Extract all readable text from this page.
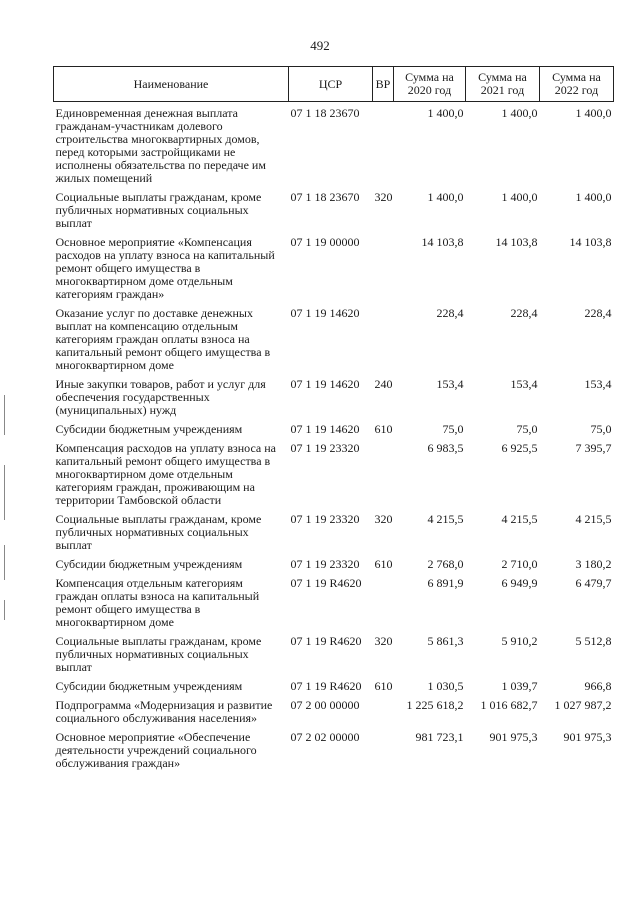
492
Наименование	ЦСР	ВР	Сумма на 2020 год	Сумма на 2021 год	Сумма на 2022 год
Единовременная денежная выплата гражданам-участникам долевого строительства многоквартирных домов, перед которыми застройщиками не исполнены обязательства по передаче им жилых помещений	07 1 18 23670		1 400,0	1 400,0	1 400,0
Социальные выплаты гражданам, кроме публичных нормативных социальных выплат	07 1 18 23670	320	1 400,0	1 400,0	1 400,0
Основное мероприятие «Компенсация расходов на уплату взноса на капитальный ремонт общего имущества в многоквартирном доме отдельным категориям граждан»	07 1 19 00000		14 103,8	14 103,8	14 103,8
Оказание услуг по доставке денежных выплат на компенсацию отдельным категориям граждан оплаты взноса на капитальный ремонт общего имущества в многоквартирном доме	07 1 19 14620		228,4	228,4	228,4
Иные закупки товаров, работ и услуг для обеспечения государственных (муниципальных) нужд	07 1 19 14620	240	153,4	153,4	153,4
Субсидии бюджетным учреждениям	07 1 19 14620	610	75,0	75,0	75,0
Компенсация расходов на уплату взноса на капитальный ремонт общего имущества в многоквартирном доме отдельным категориям граждан, проживающим на территории Тамбовской области	07 1 19 23320		6 983,5	6 925,5	7 395,7
Социальные выплаты гражданам, кроме публичных нормативных социальных выплат	07 1 19 23320	320	4 215,5	4 215,5	4 215,5
Субсидии бюджетным учреждениям	07 1 19 23320	610	2 768,0	2 710,0	3 180,2
Компенсация отдельным категориям граждан оплаты взноса на капитальный ремонт общего имущества в многоквартирном доме	07 1 19 R4620		6 891,9	6 949,9	6 479,7
Социальные выплаты гражданам, кроме публичных нормативных социальных выплат	07 1 19 R4620	320	5 861,3	5 910,2	5 512,8
Субсидии бюджетным учреждениям	07 1 19 R4620	610	1 030,5	1 039,7	966,8
Подпрограмма «Модернизация и развитие социального обслуживания населения»	07 2 00 00000		1 225 618,2	1 016 682,7	1 027 987,2
Основное мероприятие «Обеспечение деятельности учреждений социального обслуживания граждан»	07 2 02 00000		981 723,1	901 975,3	901 975,3
